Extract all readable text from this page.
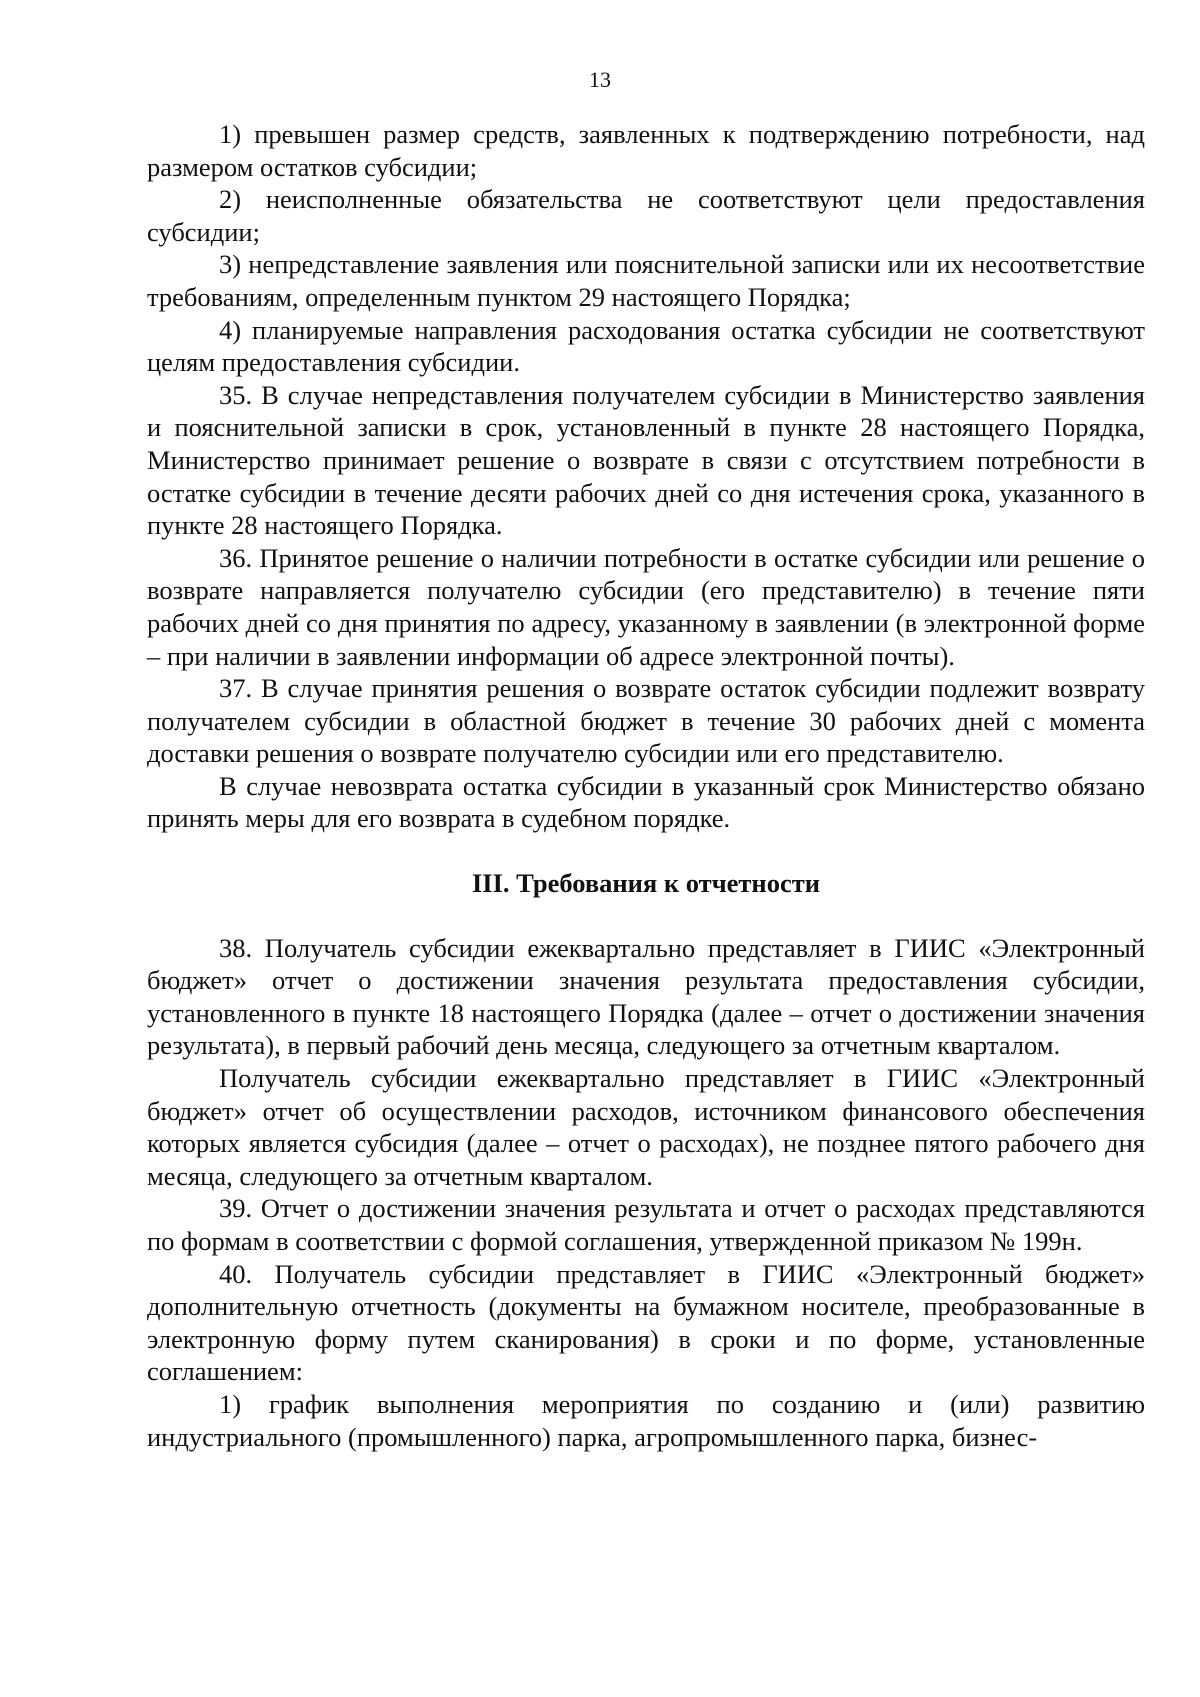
13

1) превышен размер средств, заявленных к подтверждению потребности, над размером остатков субсидии;

2) неисполненные обязательства не соответствуют цели предоставления субсидии;

3) непредставление заявления или пояснительной записки или их несоответствие требованиям, определенным пунктом 29 настоящего Порядка;

4) планируемые направления расходования остатка субсидии не соответствуют целям предоставления субсидии.

35. В случае непредставления получателем субсидии в Министерство заявления и пояснительной записки в срок, установленный в пункте 28 настоящего Порядка, Министерство принимает решение о возврате в связи с отсутствием потребности в остатке субсидии в течение десяти рабочих дней со дня истечения срока, указанного в пункте 28 настоящего Порядка.

36. Принятое решение о наличии потребности в остатке субсидии или решение о возврате направляется получателю субсидии (его представителю) в течение пяти рабочих дней со дня принятия по адресу, указанному в заявлении (в электронной форме – при наличии в заявлении информации об адресе электронной почты).

37. В случае принятия решения о возврате остаток субсидии подлежит возврату получателем субсидии в областной бюджет в течение 30 рабочих дней с момента доставки решения о возврате получателю субсидии или его представителю.

В случае невозврата остатка субсидии в указанный срок Министерство обязано принять меры для его возврата в судебном порядке.

III. Требования к отчетности

38. Получатель субсидии ежеквартально представляет в ГИИС «Электронный бюджет» отчет о достижении значения результата предоставления субсидии, установленного в пункте 18 настоящего Порядка (далее – отчет о достижении значения результата), в первый рабочий день месяца, следующего за отчетным кварталом.

Получатель субсидии ежеквартально представляет в ГИИС «Электронный бюджет» отчет об осуществлении расходов, источником финансового обеспечения которых является субсидия (далее – отчет о расходах), не позднее пятого рабочего дня месяца, следующего за отчетным кварталом.

39. Отчет о достижении значения результата и отчет о расходах представляются по формам в соответствии с формой соглашения, утвержденной приказом № 199н.

40. Получатель субсидии представляет в ГИИС «Электронный бюджет» дополнительную отчетность (документы на бумажном носителе, преобразованные в электронную форму путем сканирования) в сроки и по форме, установленные соглашением:

1) график выполнения мероприятия по созданию и (или) развитию индустриального (промышленного) парка, агропромышленного парка, бизнес-
